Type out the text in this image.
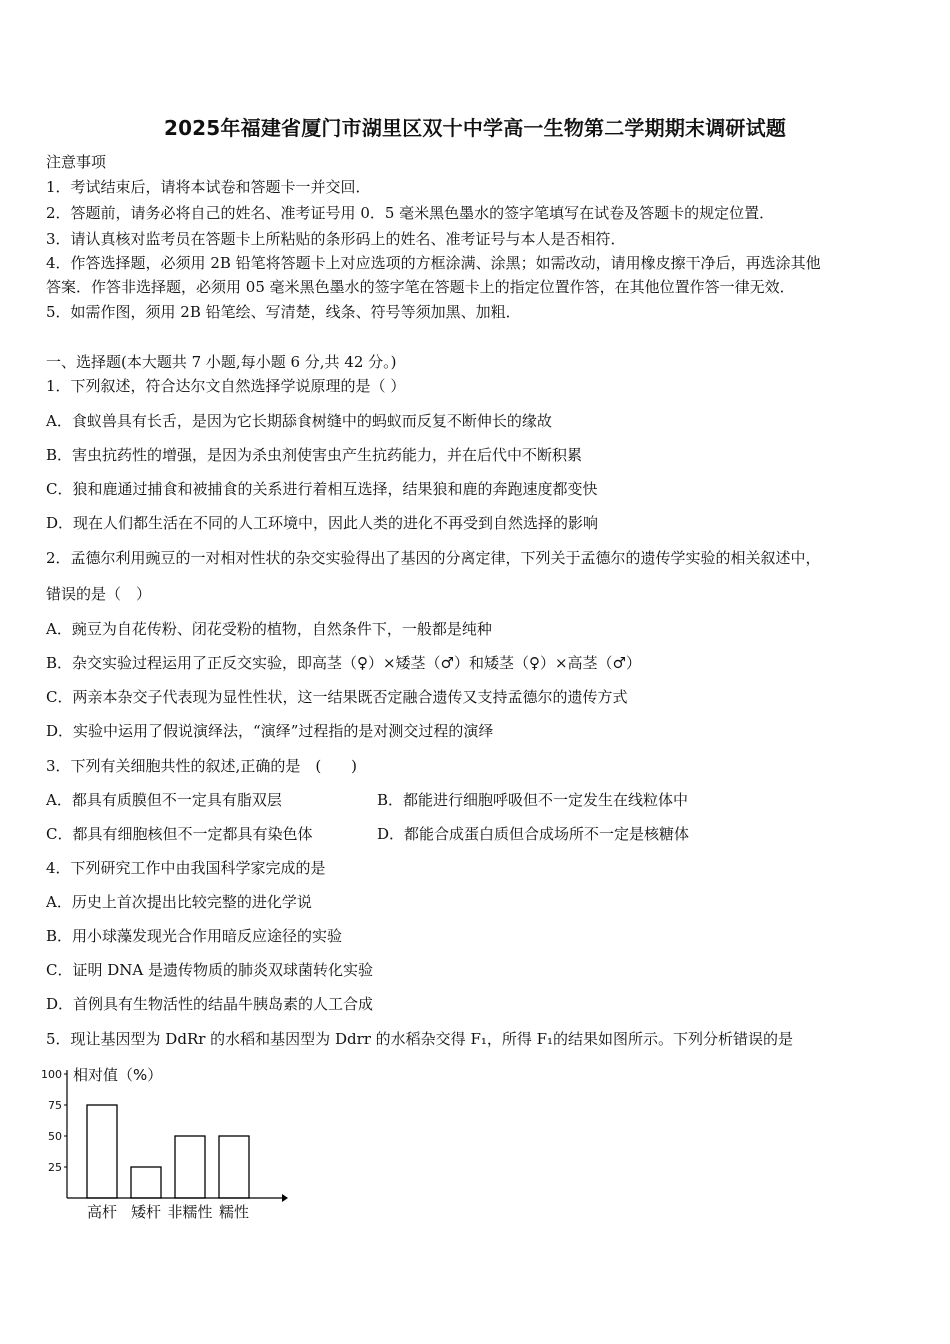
2025年福建省厦门市湖里区双十中学高一生物第二学期期末调研试题
注意事项
1．考试结束后，请将本试卷和答题卡一并交回．
2．答题前，请务必将自己的姓名、准考证号用 0．5 毫米黑色墨水的签字笔填写在试卷及答题卡的规定位置．
3．请认真核对监考员在答题卡上所粘贴的条形码上的姓名、准考证号与本人是否相符．
4．作答选择题，必须用 2B 铅笔将答题卡上对应选项的方框涂满、涂黑；如需改动，请用橡皮擦干净后，再选涂其他
答案．作答非选择题，必须用 05 毫米黑色墨水的签字笔在答题卡上的指定位置作答，在其他位置作答一律无效．
5．如需作图，须用 2B 铅笔绘、写清楚，线条、符号等须加黑、加粗．
一、选择题(本大题共 7 小题,每小题 6 分,共 42 分。)
1．下列叙述，符合达尔文自然选择学说原理的是（ ）
A．食蚁兽具有长舌，是因为它长期舔食树缝中的蚂蚁而反复不断伸长的缘故
B．害虫抗药性的增强，是因为杀虫剂使害虫产生抗药能力，并在后代中不断积累
C．狼和鹿通过捕食和被捕食的关系进行着相互选择，结果狼和鹿的奔跑速度都变快
D．现在人们都生活在不同的人工环境中，因此人类的进化不再受到自然选择的影响
2．孟德尔利用豌豆的一对相对性状的杂交实验得出了基因的分离定律，下列关于孟德尔的遗传学实验的相关叙述中，
错误的是（　）
A．豌豆为自花传粉、闭花受粉的植物，自然条件下，一般都是纯种
B．杂交实验过程运用了正反交实验，即高茎（♀）×矮茎（♂）和矮茎（♀）×高茎（♂）
C．两亲本杂交子代表现为显性性状，这一结果既否定融合遗传又支持孟德尔的遗传方式
D．实验中运用了假说演绎法，“演绎”过程指的是对测交过程的演绎
3．下列有关细胞共性的叙述,正确的是　(　　)
A．都具有质膜但不一定具有脂双层	B．都能进行细胞呼吸但不一定发生在线粒体中
C．都具有细胞核但不一定都具有染色体	D．都能合成蛋白质但合成场所不一定是核糖体
4．下列研究工作中由我国科学家完成的是
A．历史上首次提出比较完整的进化学说
B．用小球藻发现光合作用暗反应途径的实验
C．证明 DNA 是遗传物质的肺炎双球菌转化实验
D．首例具有生物活性的结晶牛胰岛素的人工合成
5．现让基因型为 DdRr 的水稻和基因型为 Ddrr 的水稻杂交得 F₁，所得 F₁的结果如图所示。下列分析错误的是
相对值（%）
25
50
75
100
高杆 矮杆 非糯性 糯性
